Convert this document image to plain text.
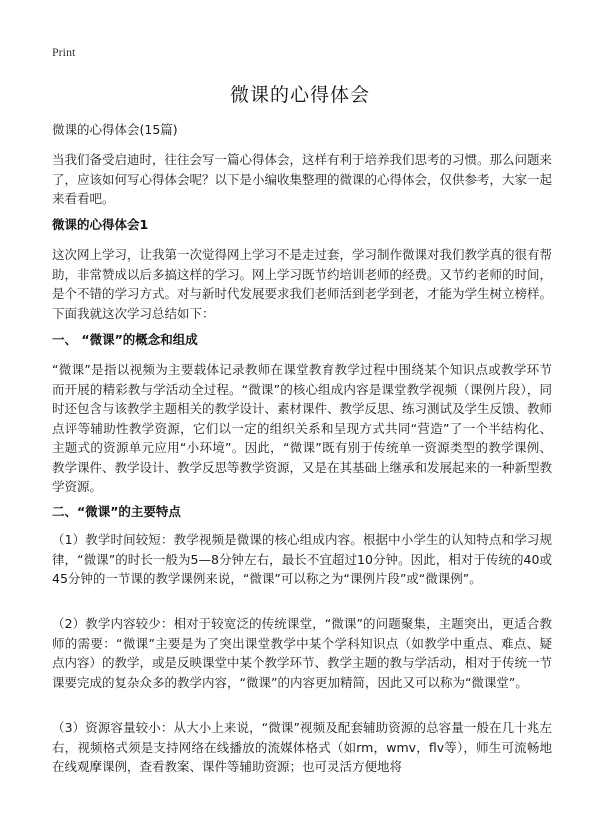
Print
微课的心得体会
微课的心得体会(15篇)
当我们备受启迪时，往往会写一篇心得体会，这样有利于培养我们思考的习惯。那么问题来了，应该如何写心得体会呢？以下是小编收集整理的微课的心得体会，仅供参考，大家一起来看看吧。
微课的心得体会1
这次网上学习，让我第一次觉得网上学习不是走过套，学习制作微课对我们教学真的很有帮助，非常赞成以后多搞这样的学习。网上学习既节约培训老师的经费。又节约老师的时间，是个不错的学习方式。对与新时代发展要求我们老师活到老学到老，才能为学生树立榜样。下面我就这次学习总结如下：
一、 “微课”的概念和组成
“微课”是指以视频为主要载体记录教师在课堂教育教学过程中围绕某个知识点或教学环节而开展的精彩教与学活动全过程。“微课”的核心组成内容是课堂教学视频（课例片段），同时还包含与该教学主题相关的教学设计、素材课件、教学反思、练习测试及学生反馈、教师点评等辅助性教学资源，它们以一定的组织关系和呈现方式共同“营造”了一个半结构化、主题式的资源单元应用“小环境”。因此，“微课”既有别于传统单一资源类型的教学课例、教学课件、教学设计、教学反思等教学资源，又是在其基础上继承和发展起来的一种新型教学资源。
二、“微课”的主要特点
（1）教学时间较短：教学视频是微课的核心组成内容。根据中小学生的认知特点和学习规律，“微课”的时长一般为5—8分钟左右，最长不宜超过10分钟。因此，相对于传统的40或45分钟的一节课的教学课例来说，“微课”可以称之为“课例片段”或“微课例”。
（2）教学内容较少：相对于较宽泛的传统课堂，“微课”的问题聚集，主题突出，更适合教师的需要：“微课”主要是为了突出课堂教学中某个学科知识点（如教学中重点、难点、疑点内容）的教学，或是反映课堂中某个教学环节、教学主题的教与学活动，相对于传统一节课要完成的复杂众多的教学内容，“微课”的内容更加精简，因此又可以称为“微课堂”。
（3）资源容量较小：从大小上来说，“微课”视频及配套辅助资源的总容量一般在几十兆左右，视频格式须是支持网络在线播放的流媒体格式（如rm，wmv，flv等），师生可流畅地在线观摩课例，查看教案、课件等辅助资源；也可灵活方便地将
